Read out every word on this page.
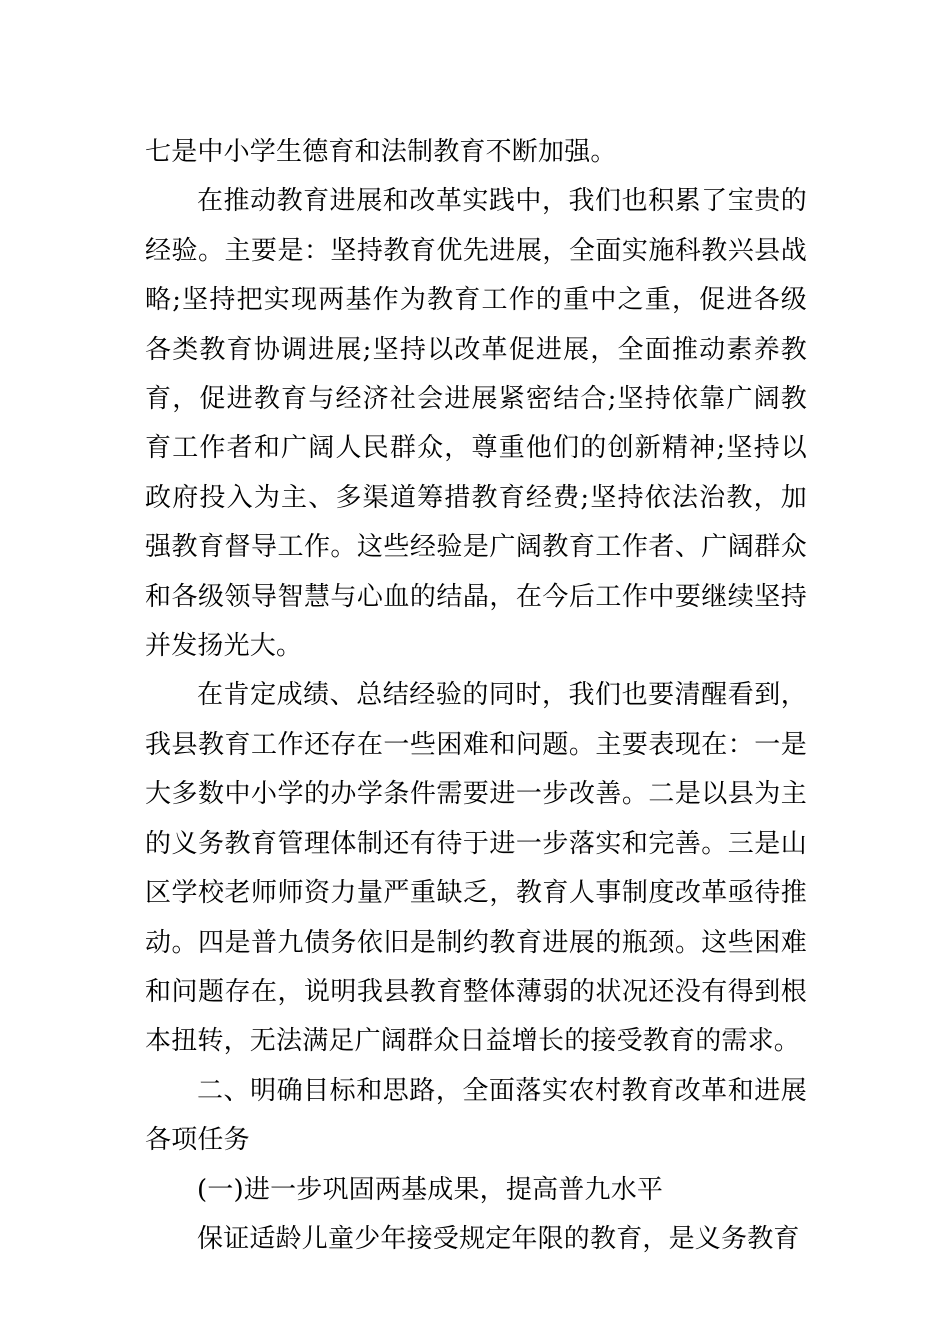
七是中小学生德育和法制教育不断加强。

在推动教育进展和改革实践中，我们也积累了宝贵的经验。主要是：坚持教育优先进展，全面实施科教兴县战略;坚持把实现两基作为教育工作的重中之重，促进各级各类教育协调进展;坚持以改革促进展，全面推动素养教育，促进教育与经济社会进展紧密结合;坚持依靠广阔教育工作者和广阔人民群众，尊重他们的创新精神;坚持以政府投入为主、多渠道筹措教育经费;坚持依法治教，加强教育督导工作。这些经验是广阔教育工作者、广阔群众和各级领导智慧与心血的结晶，在今后工作中要继续坚持并发扬光大。

在肯定成绩、总结经验的同时，我们也要清醒看到，我县教育工作还存在一些困难和问题。主要表现在：一是大多数中小学的办学条件需要进一步改善。二是以县为主的义务教育管理体制还有待于进一步落实和完善。三是山区学校老师师资力量严重缺乏，教育人事制度改革亟待推动。四是普九债务依旧是制约教育进展的瓶颈。这些困难和问题存在，说明我县教育整体薄弱的状况还没有得到根本扭转，无法满足广阔群众日益增长的接受教育的需求。

二、明确目标和思路，全面落实农村教育改革和进展各项任务

(一)进一步巩固两基成果，提高普九水平

保证适龄儿童少年接受规定年限的教育，是义务教育
